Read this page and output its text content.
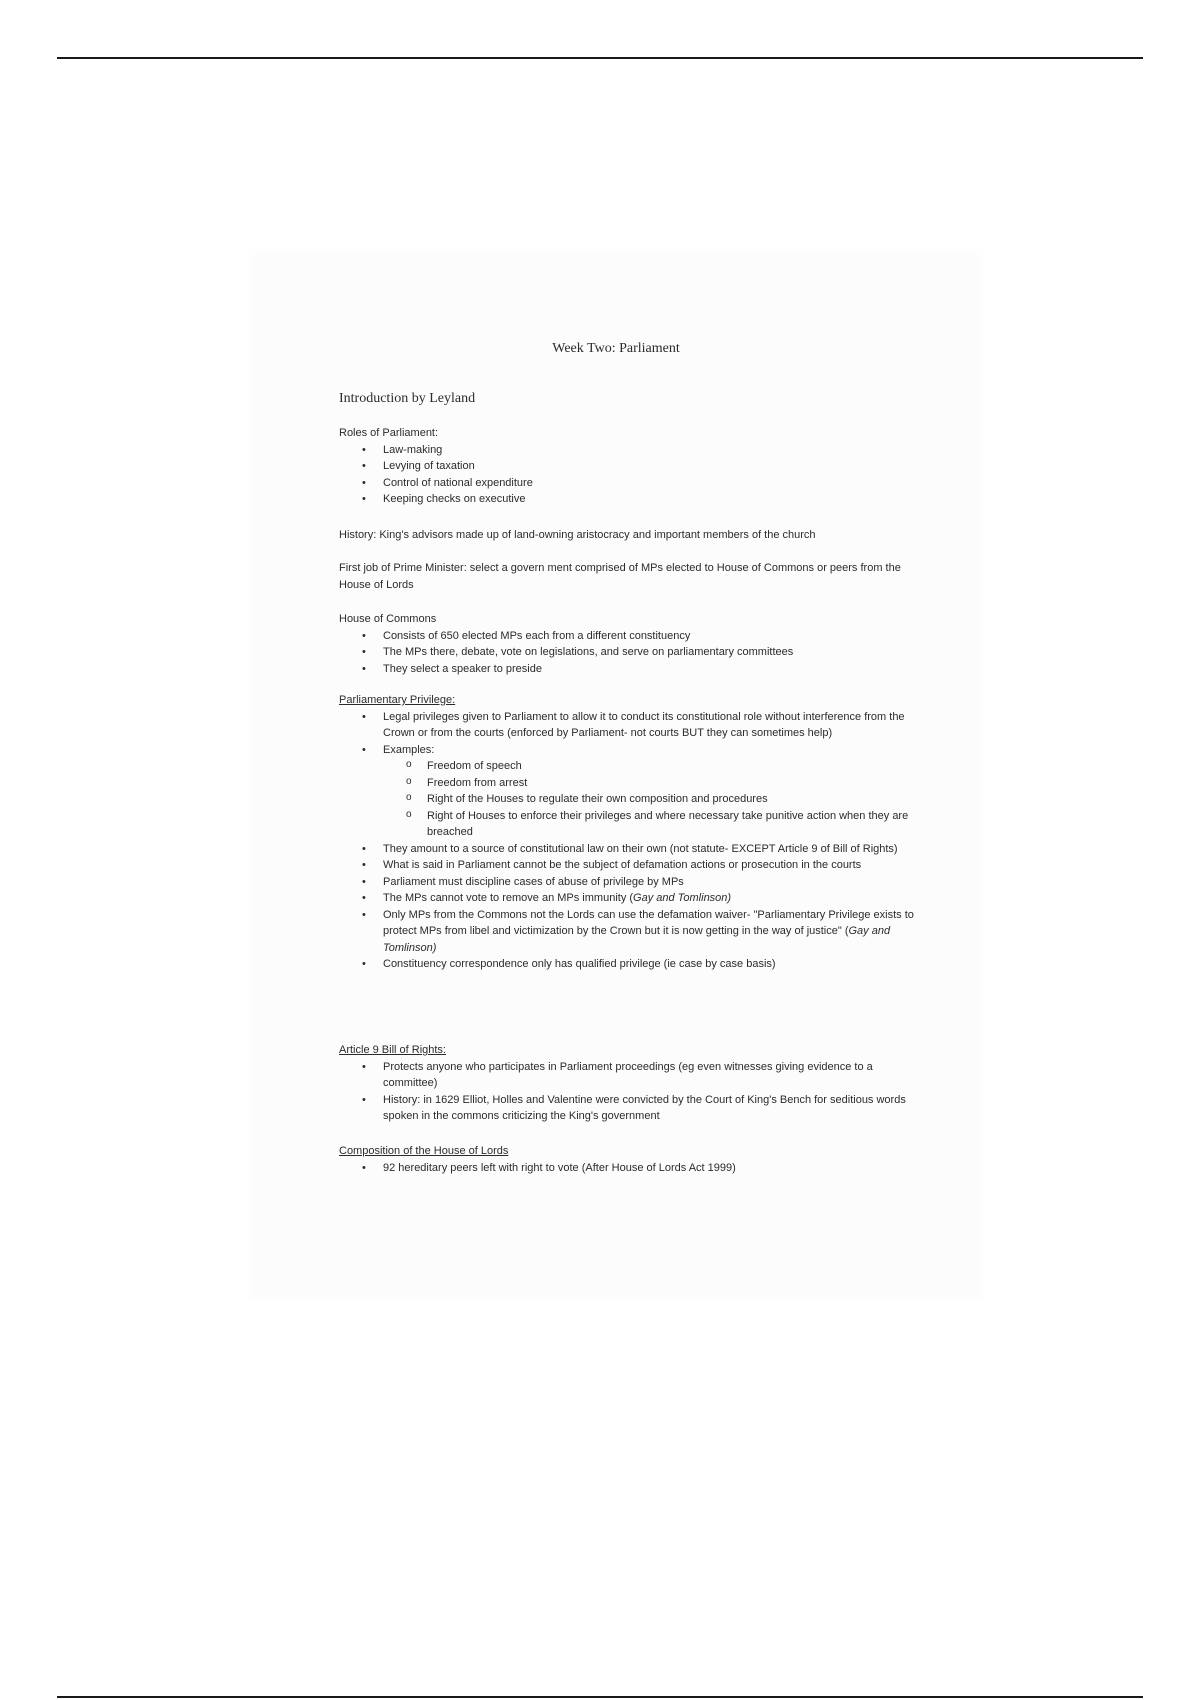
Week Two: Parliament
Introduction by Leyland

Roles of Parliament:

• Law-making
• Levying of taxation
• Control of national expenditure
• Keeping checks on executive

History: King's advisors made up of land-owning aristocracy and important members of the church

First job of Prime Minister: select a govern ment comprised of MPs elected to House of Commons or peers from the House of Lords

House of Commons

• Consists of 650 elected MPs each from a different constituency
• The MPs there, debate, vote on legislations, and serve on parliamentary committees
• They select a speaker to preside

Parliamentary Privilege:

• Legal privileges given to Parliament to allow it to conduct its constitutional role without interference from the Crown or from the courts (enforced by Parliament- not courts BUT they can sometimes help)
• Examples:
o Freedom of speech
o Freedom from arrest
o Right of the Houses to regulate their own composition and procedures
o Right of Houses to enforce their privileges and where necessary take punitive action when they are breached
• They amount to a source of constitutional law on their own (not statute- EXCEPT Article 9 of Bill of Rights)
• What is said in Parliament cannot be the subject of defamation actions or prosecution in the courts
• Parliament must discipline cases of abuse of privilege by MPs
• The MPs cannot vote to remove an MPs immunity (Gay and Tomlinson)
• Only MPs from the Commons not the Lords can use the defamation waiver- "Parliamentary Privilege exists to protect MPs from libel and victimization by the Crown but it is now getting in the way of justice" (Gay and Tomlinson)
• Constituency correspondence only has qualified privilege (ie case by case basis)

Article 9 Bill of Rights:

• Protects anyone who participates in Parliament proceedings (eg even witnesses giving evidence to a committee)
• History: in 1629 Elliot, Holles and Valentine were convicted by the Court of King's Bench for seditious words spoken in the commons criticizing the King's government

Composition of the House of Lords

• 92 hereditary peers left with right to vote (After House of Lords Act 1999)
